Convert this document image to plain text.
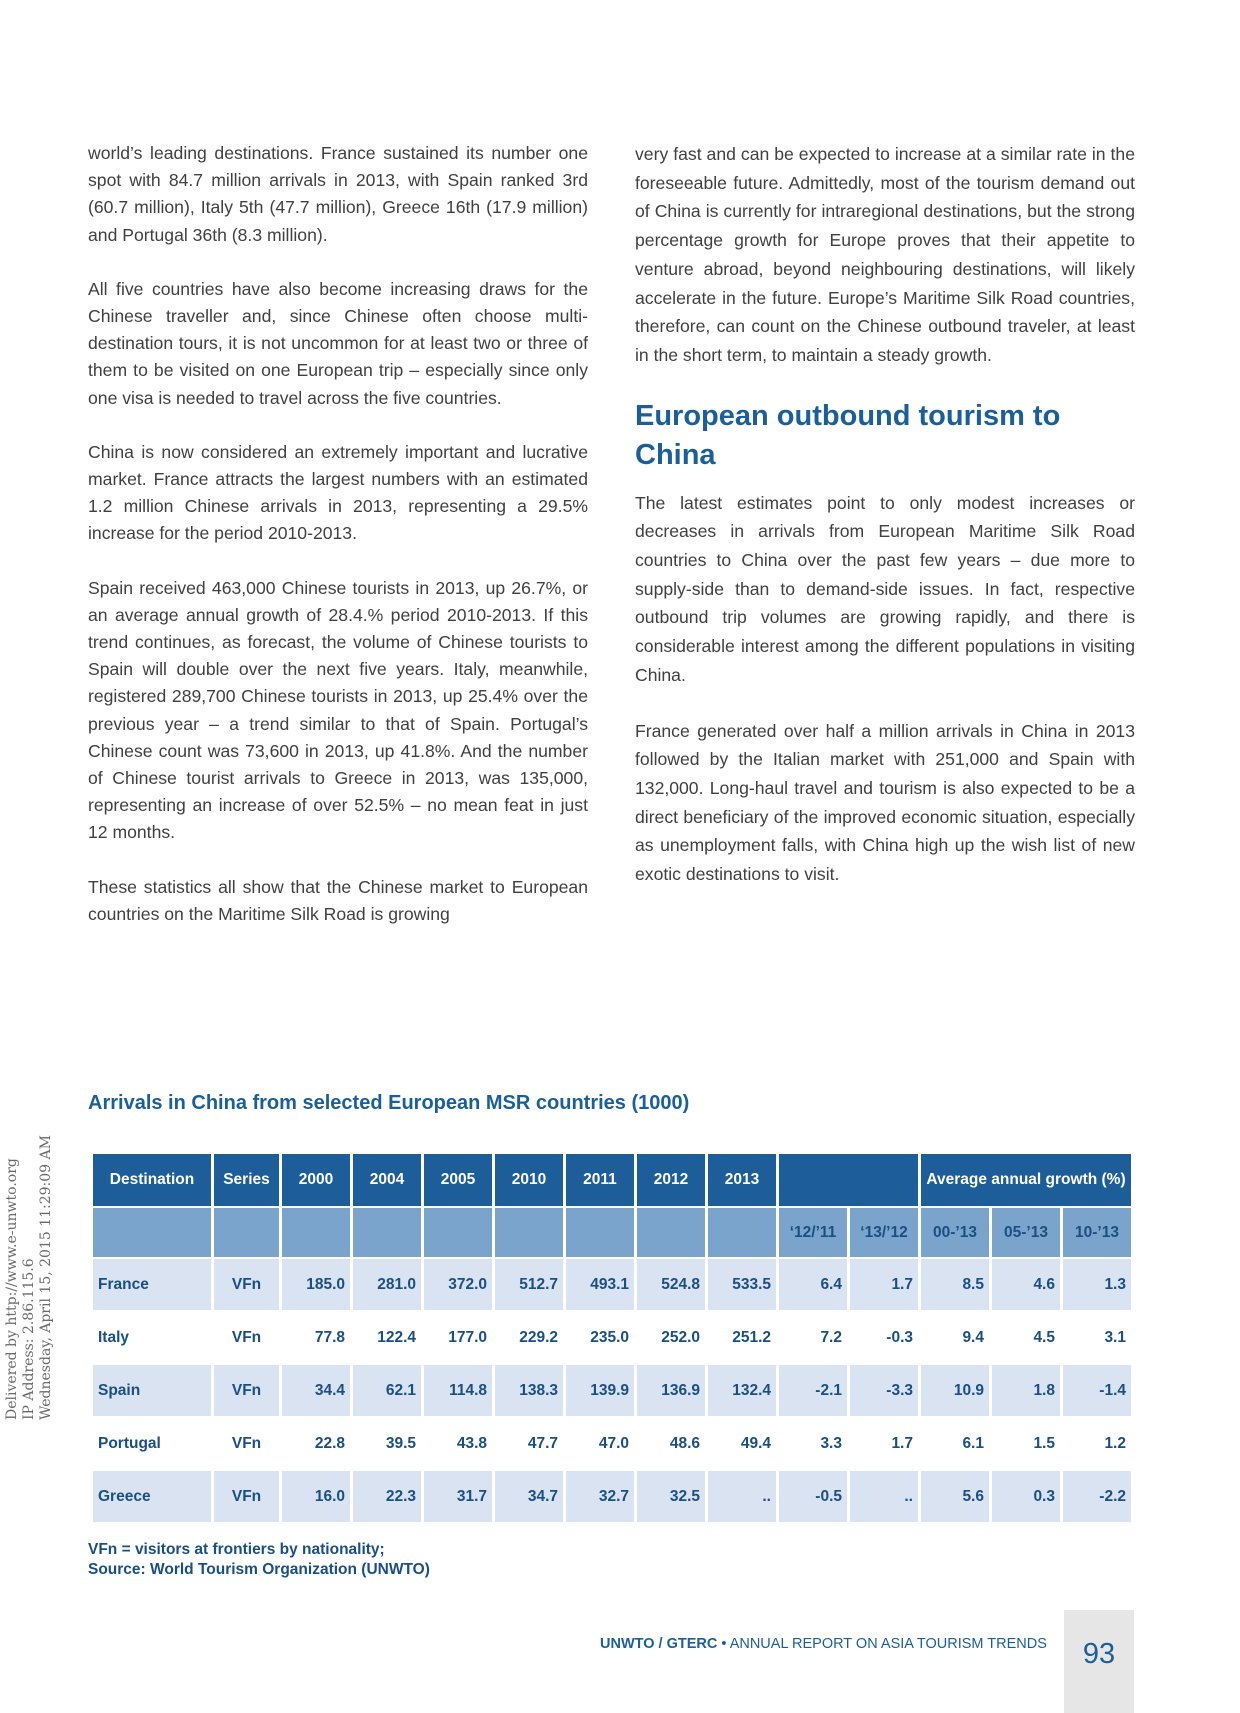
world’s leading destinations. France sustained its number one spot with 84.7 million arrivals in 2013, with Spain ranked 3rd (60.7 million), Italy 5th (47.7 million), Greece 16th (17.9 million) and Portugal 36th (8.3 million).

All five countries have also become increasing draws for the Chinese traveller and, since Chinese often choose multi-destination tours, it is not uncommon for at least two or three of them to be visited on one European trip – especially since only one visa is needed to travel across the five countries.

China is now considered an extremely important and lucrative market. France attracts the largest numbers with an estimated 1.2 million Chinese arrivals in 2013, representing a 29.5% increase for the period 2010-2013.

Spain received 463,000 Chinese tourists in 2013, up 26.7%, or an average annual growth of 28.4.% period 2010-2013. If this trend continues, as forecast, the volume of Chinese tourists to Spain will double over the next five years. Italy, meanwhile, registered 289,700 Chinese tourists in 2013, up 25.4% over the previous year – a trend similar to that of Spain. Portugal’s Chinese count was 73,600 in 2013, up 41.8%. And the number of Chinese tourist arrivals to Greece in 2013, was 135,000, representing an increase of over 52.5% – no mean feat in just 12 months.

These statistics all show that the Chinese market to European countries on the Maritime Silk Road is growing

very fast and can be expected to increase at a similar rate in the foreseeable future. Admittedly, most of the tourism demand out of China is currently for intraregional destinations, but the strong percentage growth for Europe proves that their appetite to venture abroad, beyond neighbouring destinations, will likely accelerate in the future. Europe’s Maritime Silk Road countries, therefore, can count on the Chinese outbound traveler, at least in the short term, to maintain a steady growth.

European outbound tourism to China

The latest estimates point to only modest increases or decreases in arrivals from European Maritime Silk Road countries to China over the past few years – due more to supply-side than to demand-side issues. In fact, respective outbound trip volumes are growing rapidly, and there is considerable interest among the different populations in visiting China.

France generated over half a million arrivals in China in 2013 followed by the Italian market with 251,000 and Spain with 132,000. Long-haul travel and tourism is also expected to be a direct beneficiary of the improved economic situation, especially as unemployment falls, with China high up the wish list of new exotic destinations to visit.

Delivered by http://www.e-unwto.org IP Address: 2.86.115.6 Wednesday, April 15, 2015 11:29:09 AM
Arrivals in China from selected European MSR countries (1000)
Destination	Series	2000	2004	2005	2010	2011	2012	2013			Average annual growth (%)		
									‘12/’11	‘13/’12	00-’13	05-’13	10-’13
France	VFn	185.0	281.0	372.0	512.7	493.1	524.8	533.5	6.4	1.7	8.5	4.6	1.3
Italy	VFn	77.8	122.4	177.0	229.2	235.0	252.0	251.2	7.2	-0.3	9.4	4.5	3.1
Spain	VFn	34.4	62.1	114.8	138.3	139.9	136.9	132.4	-2.1	-3.3	10.9	1.8	-1.4
Portugal	VFn	22.8	39.5	43.8	47.7	47.0	48.6	49.4	3.3	1.7	6.1	1.5	1.2
Greece	VFn	16.0	22.3	31.7	34.7	32.7	32.5	..	-0.5	..	5.6	0.3	-2.2
VFn = visitors at frontiers by nationality;
Source: World Tourism Organization (UNWTO)
UNWTO / GTERC • ANNUAL REPORT ON ASIA TOURISM TRENDS	93
